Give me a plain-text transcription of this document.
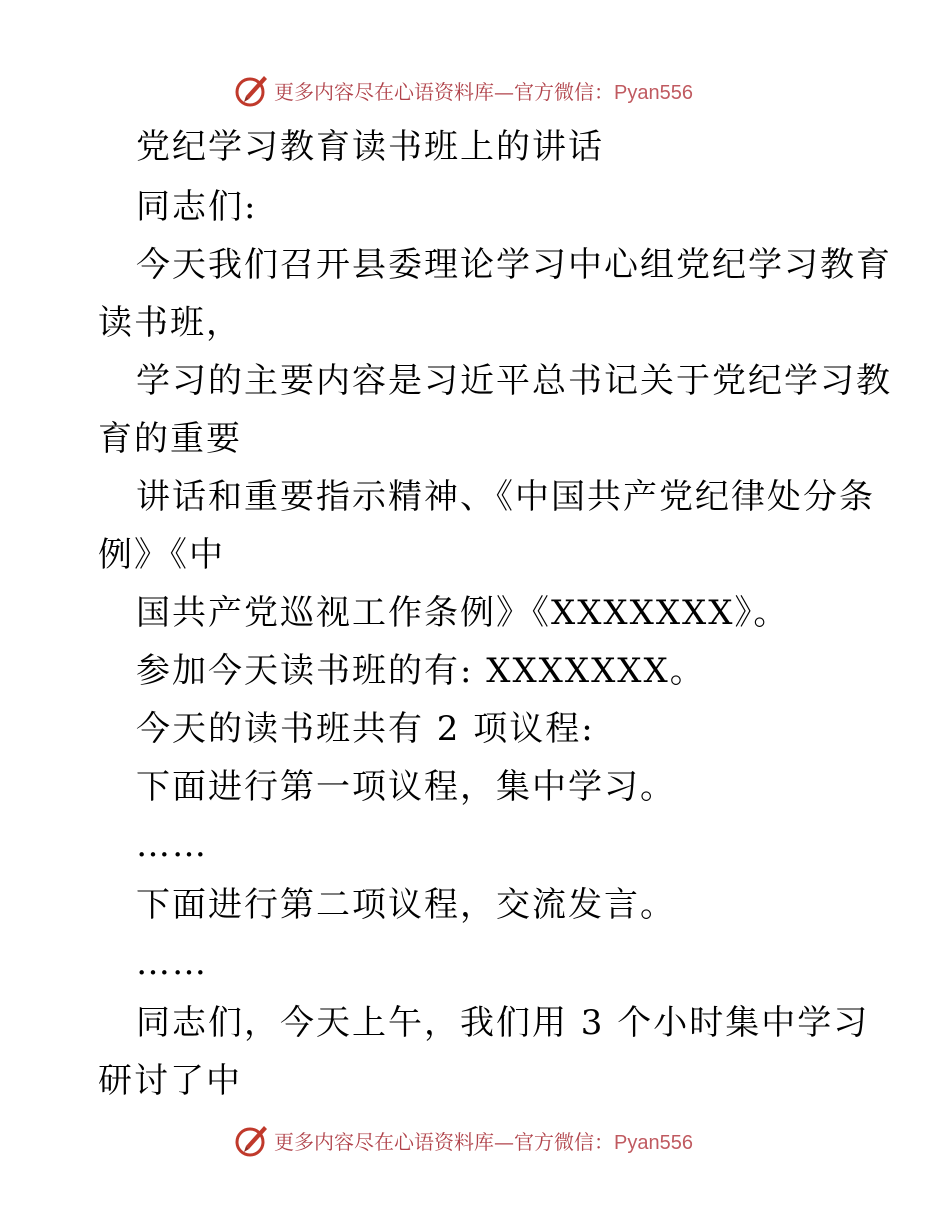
更多内容尽在心语资料库—官方微信：Pyan556
党纪学习教育读书班上的讲话
同志们:
今天我们召开县委理论学习中心组党纪学习教育
读书班，
学习的主要内容是习近平总书记关于党纪学习教
育的重要
讲话和重要指示精神、《中国共产党纪律处分条
例》《中
国共产党巡视工作条例》《XXXXXXX》。
参加今天读书班的有: XXXXXXX。
今天的读书班共有 2 项议程:
下面进行第一项议程，集中学习。
……
下面进行第二项议程，交流发言。
……
同志们，今天上午，我们用 3 个小时集中学习
研讨了中
更多内容尽在心语资料库—官方微信：Pyan556
